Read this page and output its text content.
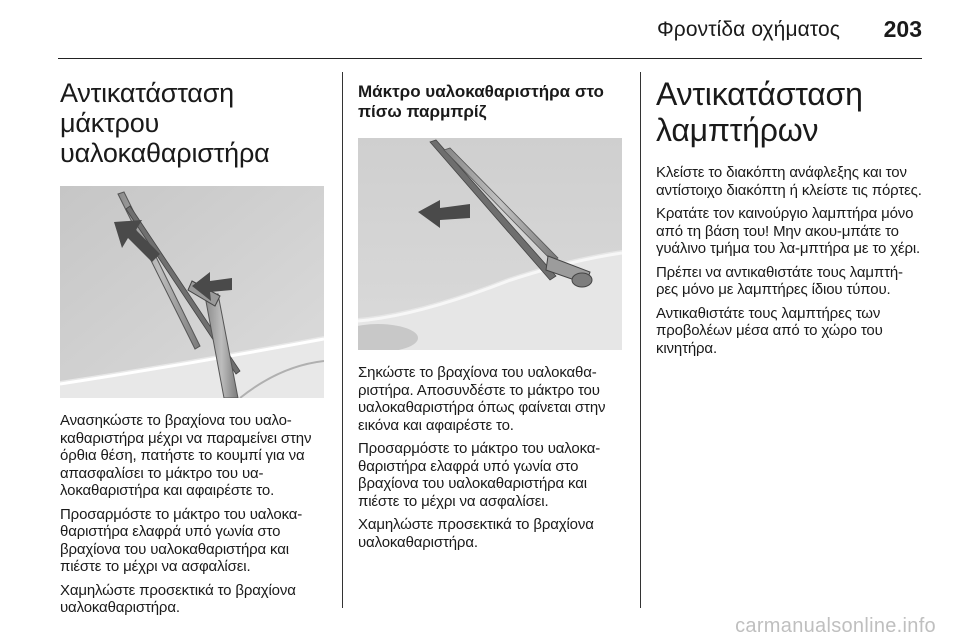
Φροντίδα οχήματος 203
Αντικατάσταση μάκτρου υαλοκαθαριστήρα

Ανασηκώστε το βραχίονα του υαλο-καθαριστήρα μέχρι να παραμείνει στην όρθια θέση, πατήστε το κουμπί για να απασφαλίσει το μάκτρο του υα-λοκαθαριστήρα και αφαιρέστε το.

Προσαρμόστε το μάκτρο του υαλοκα-θαριστήρα ελαφρά υπό γωνία στο βραχίονα του υαλοκαθαριστήρα και πιέστε το μέχρι να ασφαλίσει.

Χαμηλώστε προσεκτικά το βραχίονα υαλοκαθαριστήρα.

Μάκτρο υαλοκαθαριστήρα στο πίσω παρμπρίζ

Σηκώστε το βραχίονα του υαλοκαθα-ριστήρα. Αποσυνδέστε το μάκτρο του υαλοκαθαριστήρα όπως φαίνεται στην εικόνα και αφαιρέστε το.

Προσαρμόστε το μάκτρο του υαλοκα-θαριστήρα ελαφρά υπό γωνία στο βραχίονα του υαλοκαθαριστήρα και πιέστε το μέχρι να ασφαλίσει.

Χαμηλώστε προσεκτικά το βραχίονα υαλοκαθαριστήρα.

Αντικατάσταση λαμπτήρων

Κλείστε το διακόπτη ανάφλεξης και τον αντίστοιχο διακόπτη ή κλείστε τις πόρτες.

Κρατάτε τον καινούργιο λαμπτήρα μόνο από τη βάση του! Μην ακου-μπάτε το γυάλινο τμήμα του λα-μπτήρα με το χέρι.

Πρέπει να αντικαθιστάτε τους λαμπτή-ρες μόνο με λαμπτήρες ίδιου τύπου.

Αντικαθιστάτε τους λαμπτήρες των προβολέων μέσα από το χώρο του κινητήρα.

carmanualsonline.info
